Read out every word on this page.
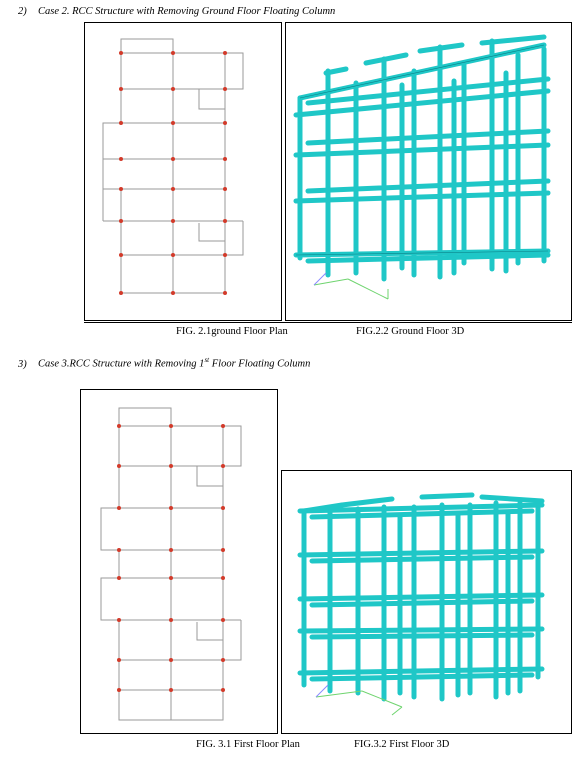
2) Case 2. RCC Structure with Removing Ground Floor Floating Column
FIG. 2.1ground Floor Plan	FIG.2.2 Ground Floor 3D
3) Case 3.RCC Structure with Removing 1st Floor Floating Column
FIG. 3.1 First Floor Plan	FIG.3.2 First Floor 3D
